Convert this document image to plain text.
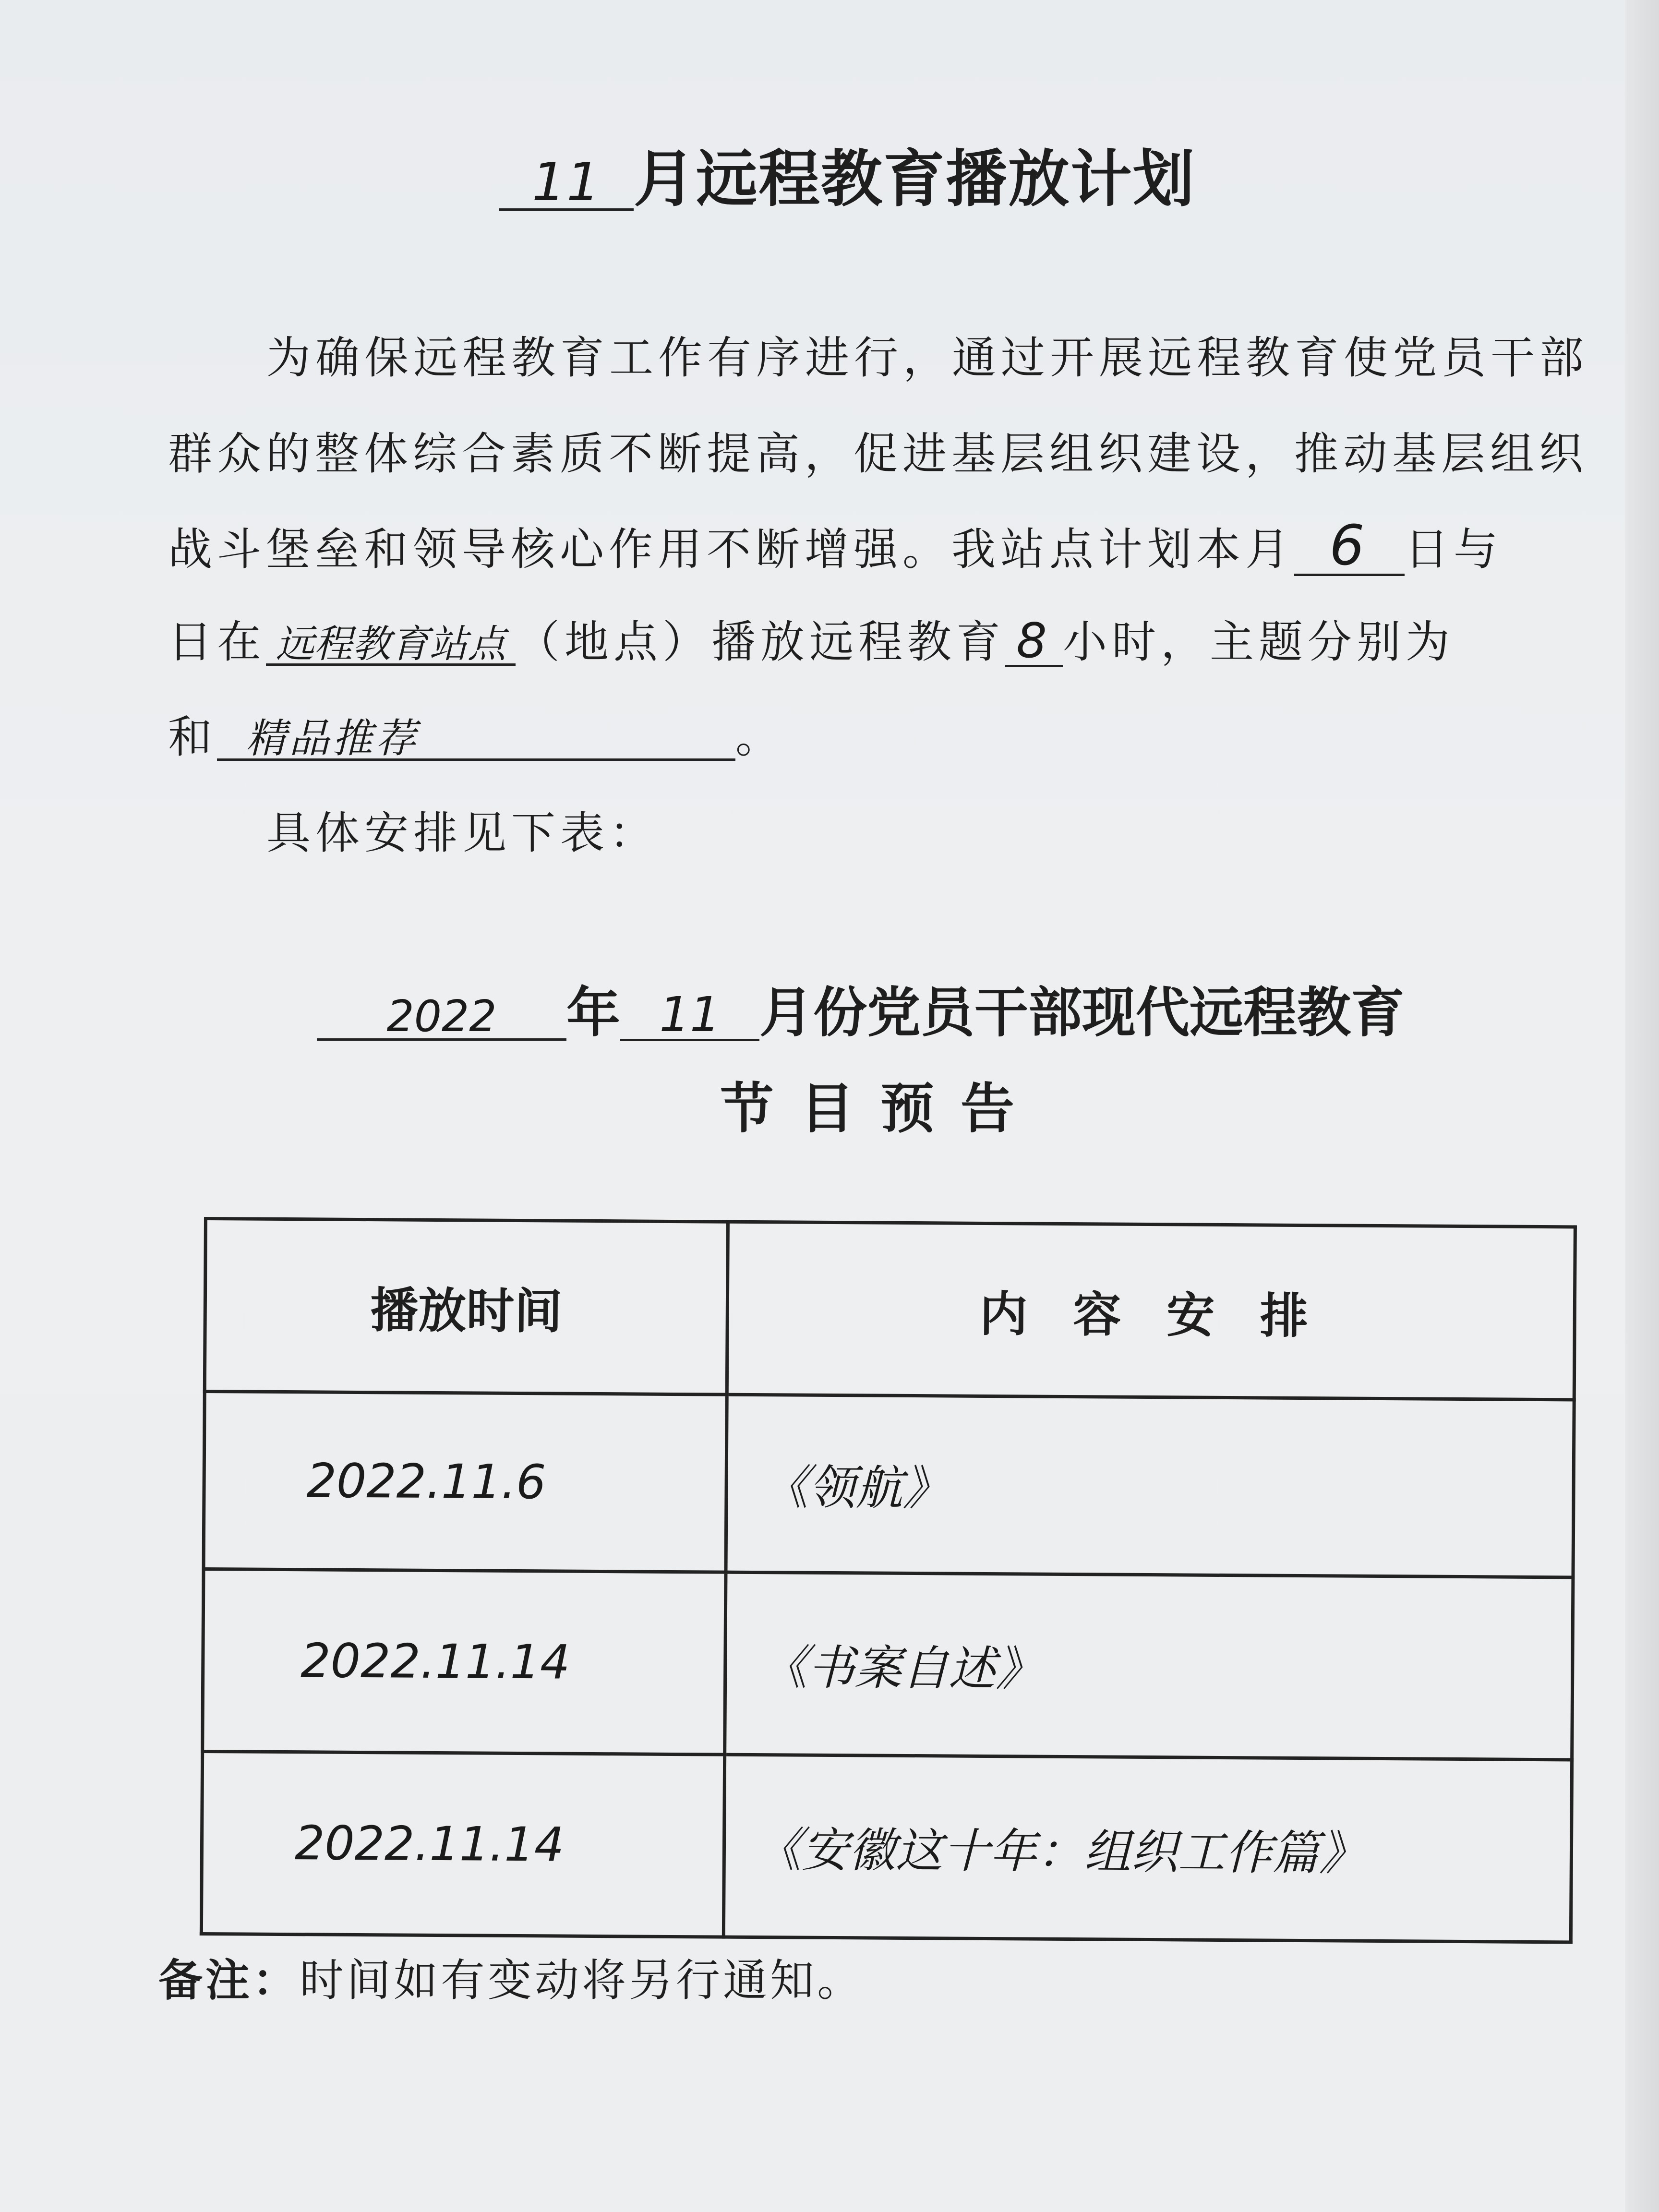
11 月远程教育播放计划
为确保远程教育工作有序进行，通过开展远程教育使党员干部
群众的整体综合素质不断提高，促进基层组织建设，推动基层组织
战斗堡垒和领导核心作用不断增强。我站点计划本月 6 日与
日在 远程教育站点 （地点）播放远程教育 8 小时，主题分别为
和 精品推荐	。
具体安排见下表：
2022 年 11 月份党员干部现代远程教育
节 目 预 告
播放时间	内 容 安 排
2022.11.6	《领航》
2022.11.14	《书案自述》
2022.11.14	《安徽这十年：组织工作篇》
备注：时间如有变动将另行通知。
